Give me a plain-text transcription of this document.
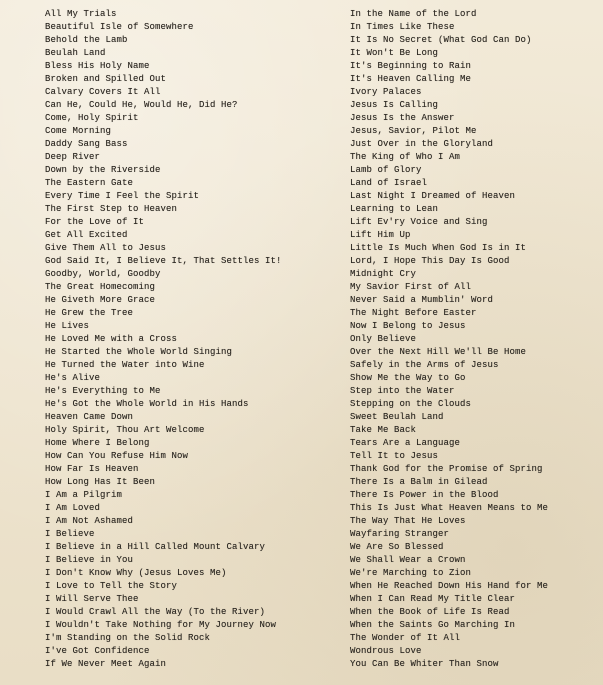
All My Trials
Beautiful Isle of Somewhere
Behold the Lamb
Beulah Land
Bless His Holy Name
Broken and Spilled Out
Calvary Covers It All
Can He, Could He, Would He, Did He?
Come, Holy Spirit
Come Morning
Daddy Sang Bass
Deep River
Down by the Riverside
The Eastern Gate
Every Time I Feel the Spirit
The First Step to Heaven
For the Love of It
Get All Excited
Give Them All to Jesus
God Said It, I Believe It, That Settles It!
Goodby, World, Goodby
The Great Homecoming
He Giveth More Grace
He Grew the Tree
He Lives
He Loved Me with a Cross
He Started the Whole World Singing
He Turned the Water into Wine
He's Alive
He's Everything to Me
He's Got the Whole World in His Hands
Heaven Came Down
Holy Spirit, Thou Art Welcome
Home Where I Belong
How Can You Refuse Him Now
How Far Is Heaven
How Long Has It Been
I Am a Pilgrim
I Am Loved
I Am Not Ashamed
I Believe
I Believe in a Hill Called Mount Calvary
I Believe in You
I Don't Know Why (Jesus Loves Me)
I Love to Tell the Story
I Will Serve Thee
I Would Crawl All the Way (To the River)
I Wouldn't Take Nothing for My Journey Now
I'm Standing on the Solid Rock
I've Got Confidence
If We Never Meet Again
In the Name of the Lord
In Times Like These
It Is No Secret (What God Can Do)
It Won't Be Long
It's Beginning to Rain
It's Heaven Calling Me
Ivory Palaces
Jesus Is Calling
Jesus Is the Answer
Jesus, Savior, Pilot Me
Just Over in the Gloryland
The King of Who I Am
Lamb of Glory
Land of Israel
Last Night I Dreamed of Heaven
Learning to Lean
Lift Ev'ry Voice and Sing
Lift Him Up
Little Is Much When God Is in It
Lord, I Hope This Day Is Good
Midnight Cry
My Savior First of All
Never Said a Mumblin' Word
The Night Before Easter
Now I Belong to Jesus
Only Believe
Over the Next Hill We'll Be Home
Safely in the Arms of Jesus
Show Me the Way to Go
Step into the Water
Stepping on the Clouds
Sweet Beulah Land
Take Me Back
Tears Are a Language
Tell It to Jesus
Thank God for the Promise of Spring
There Is a Balm in Gilead
There Is Power in the Blood
This Is Just What Heaven Means to Me
The Way That He Loves
Wayfaring Stranger
We Are So Blessed
We Shall Wear a Crown
We're Marching to Zion
When He Reached Down His Hand for Me
When I Can Read My Title Clear
When the Book of Life Is Read
When the Saints Go Marching In
The Wonder of It All
Wondrous Love
You Can Be Whiter Than Snow
